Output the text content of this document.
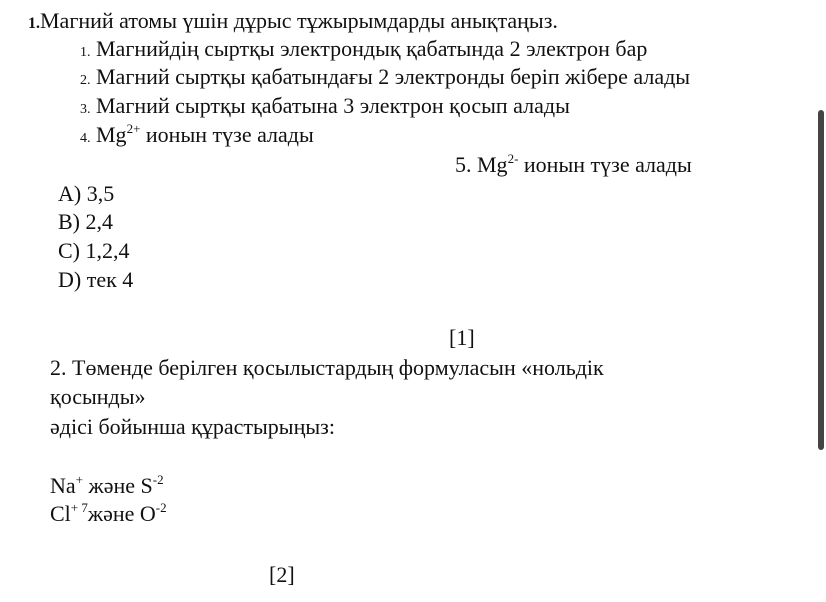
1.Магний атомы үшін дұрыс тұжырымдарды анықтаңыз.
1. Магнийдің сыртқы электрондық қабатында 2 электрон бар
2. Магний сыртқы қабатындағы 2 электронды беріп жібере алады
3. Магний сыртқы қабатына 3 электрон қосып алады
4. $Mg^{2+}$ ионын түзе алады
5. $Mg^{2-}$ ионын түзе алады
A) 3,5
B) 2,4
C) 1,2,4
D) тек 4
[1]
2. Төменде берілген қосылыстардың формуласын «нольдік
қосынды»
әдісі бойынша құрастырыңыз:
Na+ және $S^{-2}$
$Cl^{+ 7}және$ $O^{-2}$
[2]
